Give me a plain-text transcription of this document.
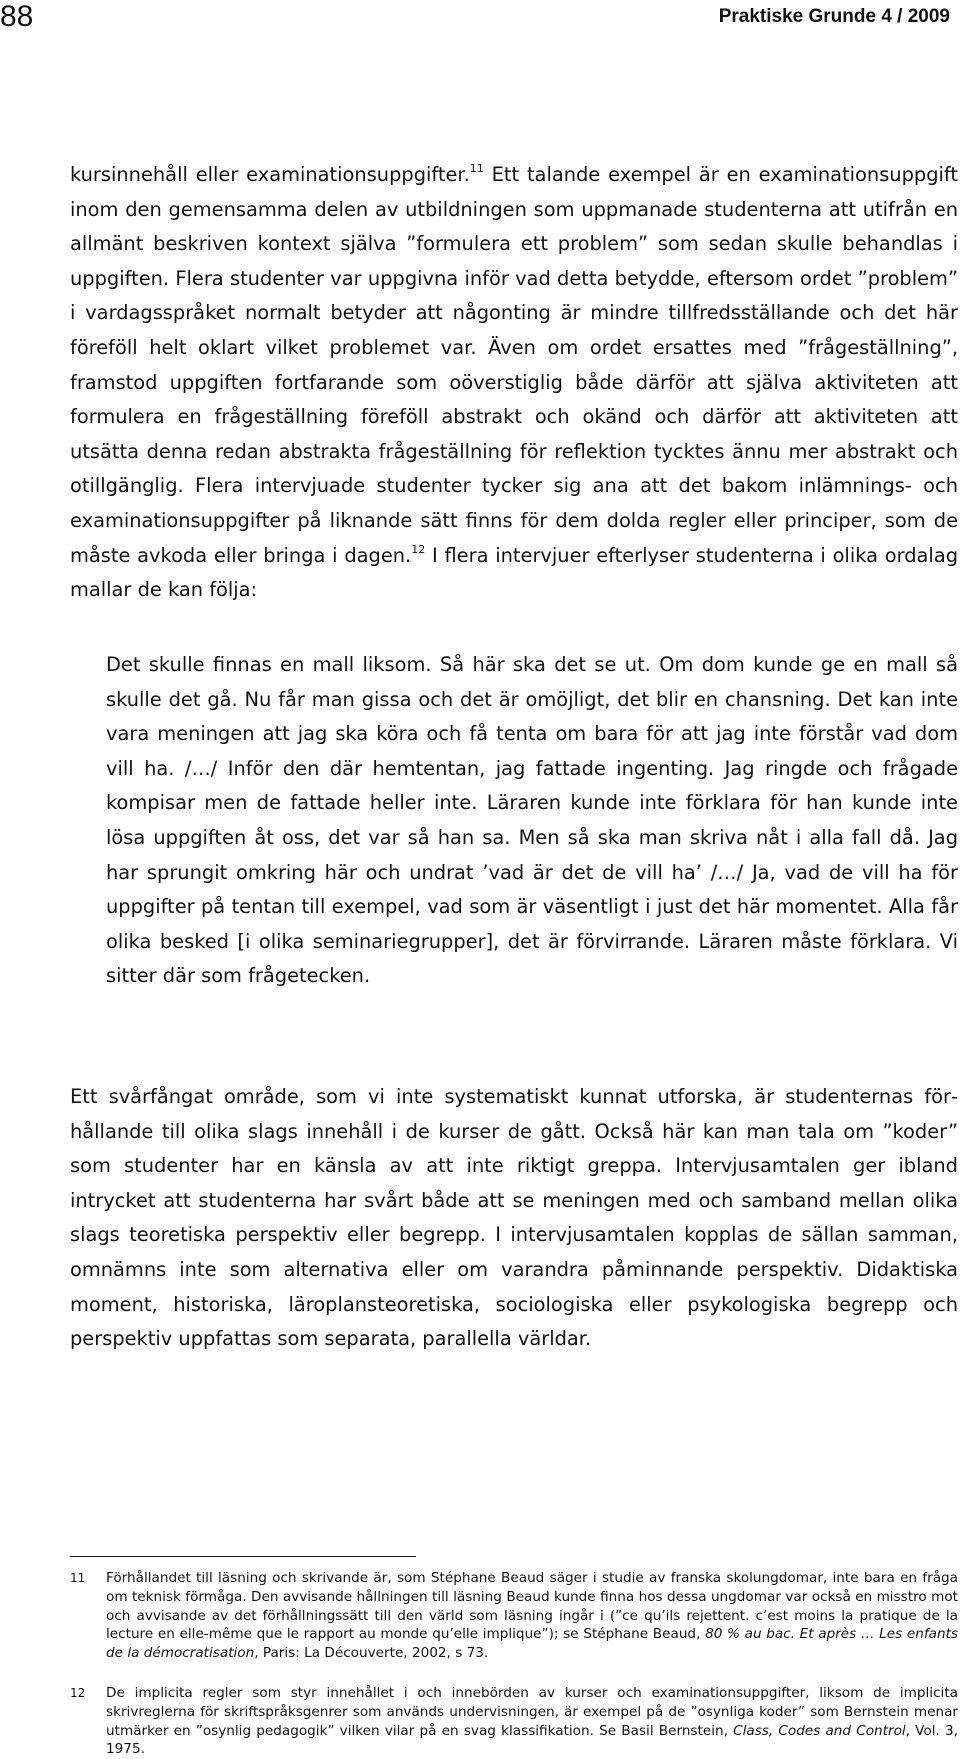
88	Praktiske Grunde 4 / 2009
kursinnehåll eller examinationsuppgifter.$^{11}$ Ett talande exempel är en examinationsuppgift inom den gemensamma delen av utbildningen som uppmanade studenterna att utifrån en allmänt beskriven kontext själva ”formulera ett problem” som sedan skulle behandlas i uppgiften. Flera studenter var uppgivna inför vad detta betydde, eftersom ordet ”problem” i vardagsspråket normalt betyder att någonting är mindre tillfredsställande och det här föreföll helt oklart vilket problemet var. Även om ordet ersattes med ”frågeställning”, framstod uppgiften fortfarande som oöverstiglig både därför att själva aktiviteten att formulera en frågeställning föreföll abstrakt och okänd och därför att aktiviteten att utsätta denna redan abstrakta frågeställning för reflektion tycktes ännu mer abstrakt och otillgänglig. Flera intervjuade studenter tycker sig ana att det bakom inlämnings- och examinationsuppgifter på liknande sätt finns för dem dolda regler eller principer, som de måste avkoda eller bringa i dagen.$^{12}$ I flera intervjuer efterlyser studenterna i olika ordalag mallar de kan följa:
Det skulle finnas en mall liksom. Så här ska det se ut. Om dom kunde ge en mall så skulle det gå. Nu får man gissa och det är omöjligt, det blir en chansning. Det kan inte vara meningen att jag ska köra och få tenta om bara för att jag inte förstår vad dom vill ha. /…/ Inför den där hemtentan, jag fattade ingenting. Jag ringde och frågade kompisar men de fattade heller inte. Läraren kunde inte förklara för han kunde inte lösa uppgiften åt oss, det var så han sa. Men så ska man skriva nåt i alla fall då. Jag har sprungit omkring här och undrat ’vad är det de vill ha’ /…/ Ja, vad de vill ha för uppgifter på tentan till exempel, vad som är väsentligt i just det här momentet. Alla får olika besked [i olika seminariegrupper], det är förvirrande. Läraren måste förklara. Vi sitter där som frågetecken.
Ett svårfångat område, som vi inte systematiskt kunnat utforska, är studenternas förhållande till olika slags innehåll i de kurser de gått. Också här kan man tala om ”koder” som studenter har en känsla av att inte riktigt greppa. Intervjusamtalen ger ibland intrycket att studenterna har svårt både att se meningen med och samband mellan olika slags teoretiska perspektiv eller begrepp. I intervjusamtalen kopplas de sällan samman, omnämns inte som alternativa eller om varandra påminnande perspektiv. Didaktiska moment, historiska, läroplansteoretiska, sociologiska eller psykologiska begrepp och perspektiv uppfattas som separata, parallella världar.
11 Förhållandet till läsning och skrivande är, som Stéphane Beaud säger i studie av franska skolungdomar, inte bara en fråga om teknisk förmåga. Den avvisande hållningen till läsning Beaud kunde finna hos dessa ungdomar var också en misstro mot och avvisande av det förhållningssätt till den värld som läsning ingår i (”ce qu’ils rejettent. c’est moins la pratique de la lecture en elle-même que le rapport au monde qu’elle implique”); se Stéphane Beaud, 80 % au bac. Et après … Les enfants de la démocratisation, Paris: La Découverte, 2002, s 73.
12 De implicita regler som styr innehållet i och innebörden av kurser och examinationsuppgifter, liksom de implicita skrivreglerna för skriftspråksgenrer som används undervisningen, är exempel på de ”osynliga koder” som Bernstein menar utmärker en ”osynlig pedagogik” vilken vilar på en svag klassifikation. Se Basil Bernstein, Class, Codes and Control, Vol. 3, 1975.
